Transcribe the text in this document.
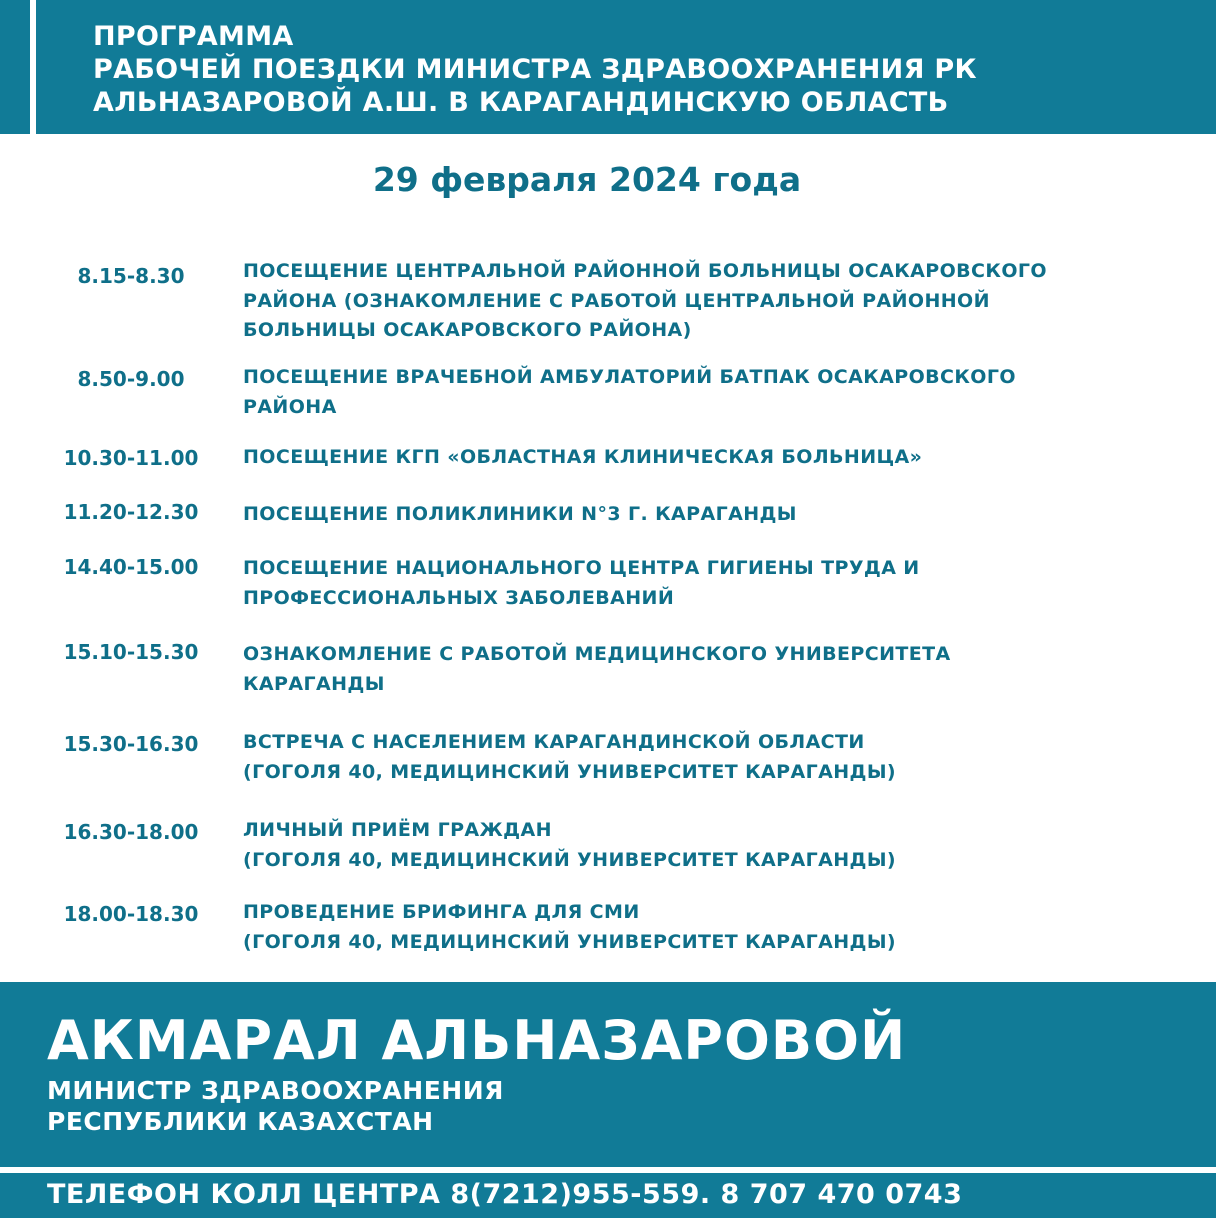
ПРОГРАММА
РАБОЧЕЙ ПОЕЗДКИ МИНИСТРА ЗДРАВООХРАНЕНИЯ РК
АЛЬНАЗАРОВОЙ А.Ш. В КАРАГАНДИНСКУЮ ОБЛАСТЬ
29 февраля 2024 года
8.15-8.30	ПОСЕЩЕНИЕ ЦЕНТРАЛЬНОЙ РАЙОННОЙ БОЛЬНИЦЫ ОСАКАРОВСКОГО
РАЙОНА (ОЗНАКОМЛЕНИЕ С РАБОТОЙ ЦЕНТРАЛЬНОЙ РАЙОННОЙ
БОЛЬНИЦЫ ОСАКАРОВСКОГО РАЙОНА)
8.50-9.00	ПОСЕЩЕНИЕ ВРАЧЕБНОЙ АМБУЛАТОРИЙ БАТПАК ОСАКАРОВСКОГО
РАЙОНА
10.30-11.00	ПОСЕЩЕНИЕ КГП «ОБЛАСТНАЯ КЛИНИЧЕСКАЯ БОЛЬНИЦА»
11.20-12.30	ПОСЕЩЕНИЕ ПОЛИКЛИНИКИ N°3 Г. КАРАГАНДЫ
14.40-15.00	ПОСЕЩЕНИЕ НАЦИОНАЛЬНОГО ЦЕНТРА ГИГИЕНЫ ТРУДА И
ПРОФЕССИОНАЛЬНЫХ ЗАБОЛЕВАНИЙ
15.10-15.30	ОЗНАКОМЛЕНИЕ С РАБОТОЙ МЕДИЦИНСКОГО УНИВЕРСИТЕТА
КАРАГАНДЫ
15.30-16.30	ВСТРЕЧА С НАСЕЛЕНИЕМ КАРАГАНДИНСКОЙ ОБЛАСТИ
(ГОГОЛЯ 40, МЕДИЦИНСКИЙ УНИВЕРСИТЕТ КАРАГАНДЫ)
16.30-18.00	ЛИЧНЫЙ ПРИЁМ ГРАЖДАН
(ГОГОЛЯ 40, МЕДИЦИНСКИЙ УНИВЕРСИТЕТ КАРАГАНДЫ)
18.00-18.30	ПРОВЕДЕНИЕ БРИФИНГА ДЛЯ СМИ
(ГОГОЛЯ 40, МЕДИЦИНСКИЙ УНИВЕРСИТЕТ КАРАГАНДЫ)
АКМАРАЛ АЛЬНАЗАРОВОЙ
МИНИСТР ЗДРАВООХРАНЕНИЯ
РЕСПУБЛИКИ КАЗАХСТАН
ТЕЛЕФОН КОЛЛ ЦЕНТРА 8(7212)955-559. 8 707 470 0743
